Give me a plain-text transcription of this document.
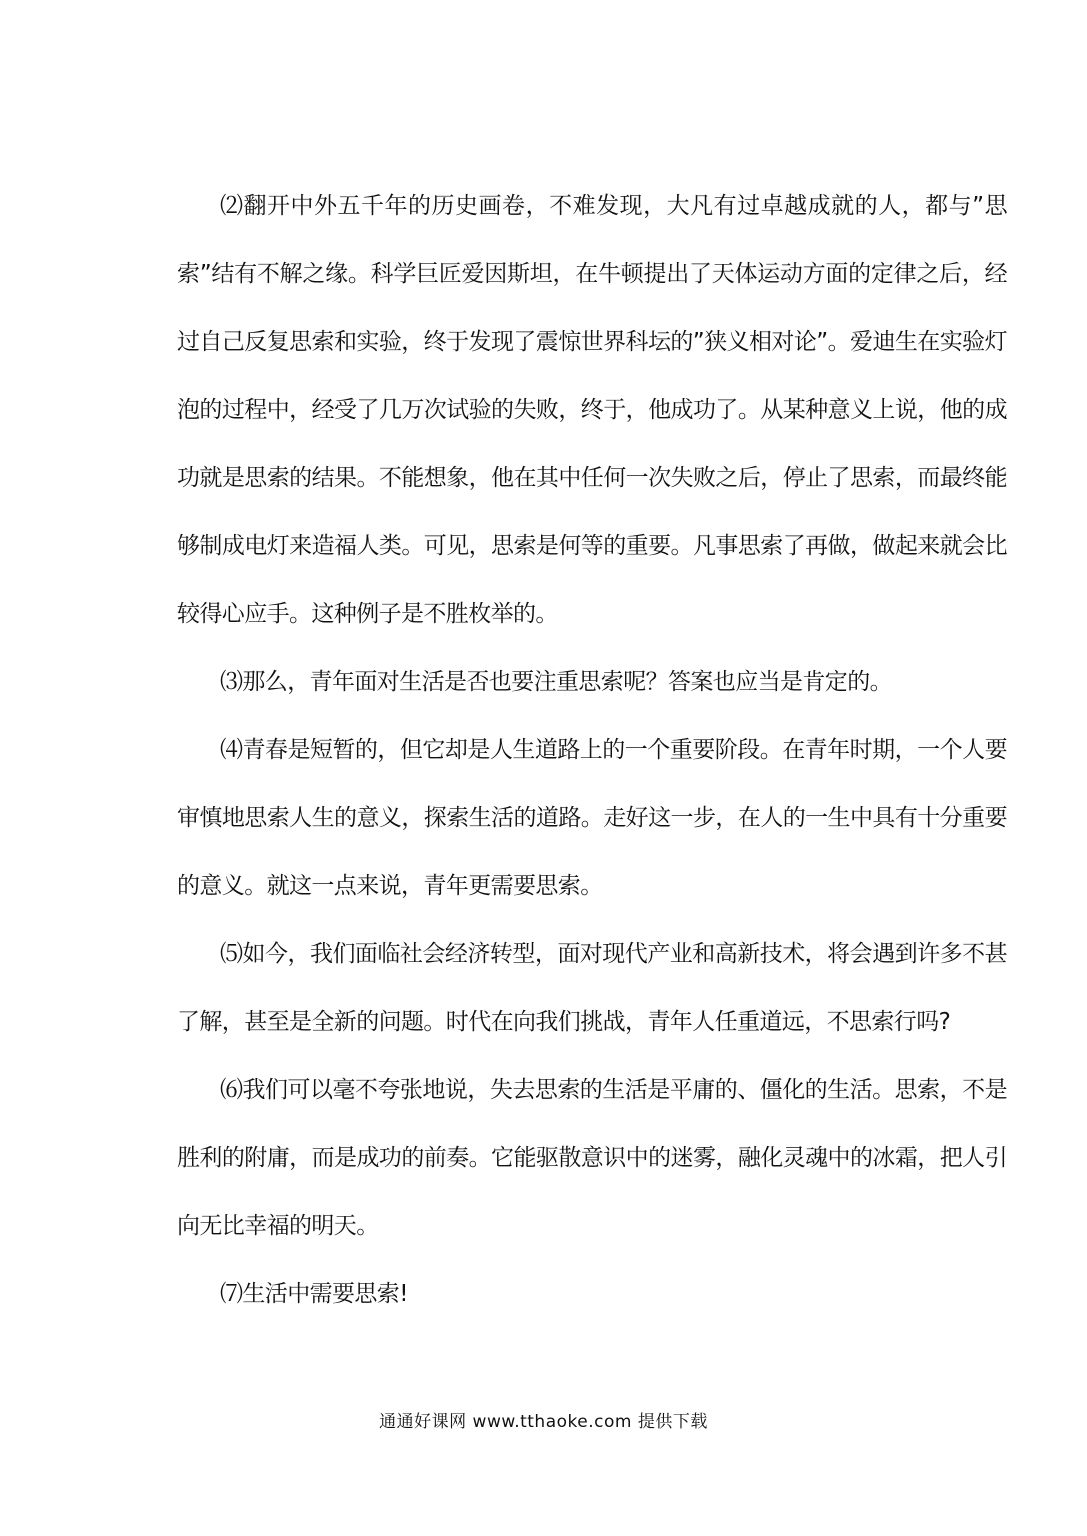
⑵翻开中外五千年的历史画卷，不难发现，大凡有过卓越成就的人，都与”思索”结有不解之缘。科学巨匠爱因斯坦，在牛顿提出了天体运动方面的定律之后，经过自己反复思索和实验，终于发现了震惊世界科坛的”狭义相对论”。爱迪生在实验灯泡的过程中，经受了几万次试验的失败，终于，他成功了。从某种意义上说，他的成功就是思索的结果。不能想象，他在其中任何一次失败之后，停止了思索，而最终能够制成电灯来造福人类。可见，思索是何等的重要。凡事思索了再做，做起来就会比较得心应手。这种例子是不胜枚举的。

⑶那么，青年面对生活是否也要注重思索呢？答案也应当是肯定的。

⑷青春是短暂的，但它却是人生道路上的一个重要阶段。在青年时期，一个人要审慎地思索人生的意义，探索生活的道路。走好这一步，在人的一生中具有十分重要的意义。就这一点来说，青年更需要思索。

⑸如今，我们面临社会经济转型，面对现代产业和高新技术，将会遇到许多不甚了解，甚至是全新的问题。时代在向我们挑战，青年人任重道远，不思索行吗?

⑹我们可以毫不夸张地说，失去思索的生活是平庸的、僵化的生活。思索，不是胜利的附庸，而是成功的前奏。它能驱散意识中的迷雾，融化灵魂中的冰霜，把人引向无比幸福的明天。

⑺生活中需要思索!

通通好课网 www.tthaoke.com 提供下载
